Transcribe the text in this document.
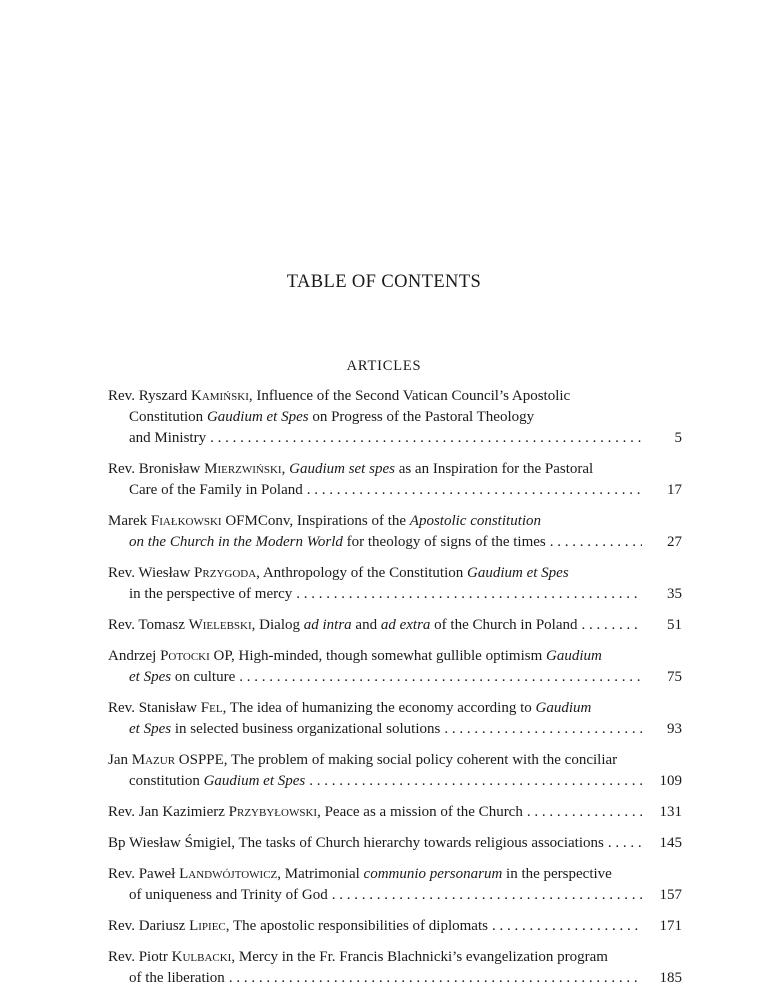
TABLE OF CONTENTS
ARTICLES
Rev. Ryszard Kamiński, Influence of the Second Vatican Council’s Apostolic
Constitution Gaudium et Spes on Progress of the Pastoral Theology
and Ministry . . .	5
Rev. Bronisław Mierzwiński, Gaudium set spes as an Inspiration for the Pastoral
Care of the Family in Poland . . .	17
Marek Fiałkowski OFMConv, Inspirations of the Apostolic constitution
on the Church in the Modern World for theology of signs of the times . . .	27
Rev. Wiesław Przygoda, Anthropology of the Constitution Gaudium et Spes
in the perspective of mercy . . .	35
Rev. Tomasz Wielebski, Dialog ad intra and ad extra of the Church in Poland . . .	51
Andrzej Potocki OP, High-minded, though somewhat gullible optimism Gaudium
et Spes on culture . . .	75
Rev. Stanisław Fel, The idea of humanizing the economy according to Gaudium
et Spes in selected business organizational solutions . . .	93
Jan Mazur OSPPE, The problem of making social policy coherent with the conciliar
constitution Gaudium et Spes . . .	109
Rev. Jan Kazimierz Przybyłowski, Peace as a mission of the Church . . .	131
Bp Wiesław Śmigiel, The tasks of Church hierarchy towards religious associations . . .	145
Rev. Paweł Landwójtowicz, Matrimonial communio personarum in the perspective
of uniqueness and Trinity of God . . .	157
Rev. Dariusz Lipiec, The apostolic responsibilities of diplomats . . .	171
Rev. Piotr Kulbacki, Mercy in the Fr. Francis Blachnicki’s evangelization program
of the liberation . . .	185
